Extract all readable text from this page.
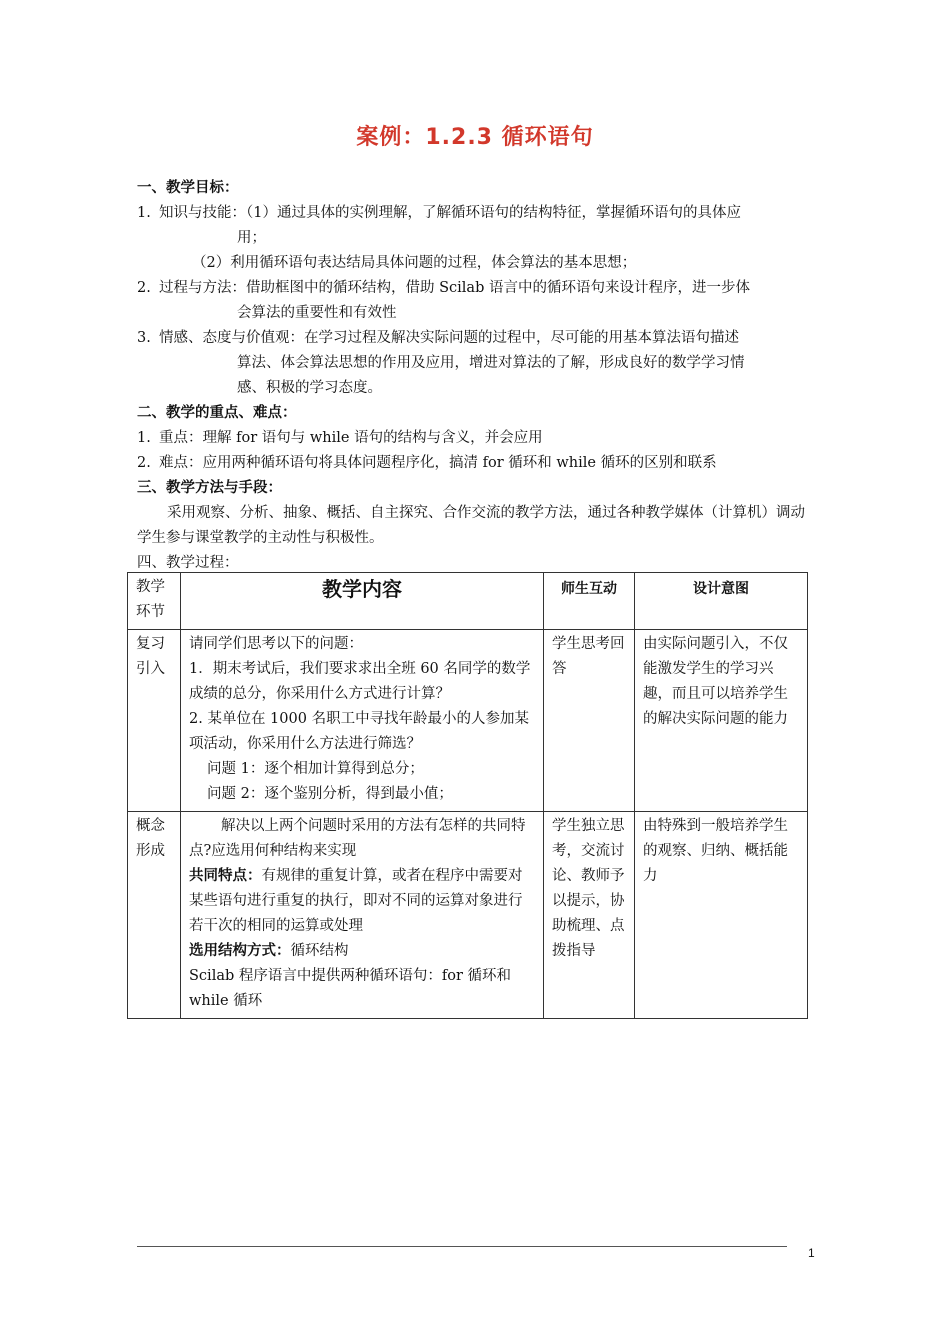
案例：1.2.3 循环语句
一、教学目标：
1. 知识与技能：（1）通过具体的实例理解，了解循环语句的结构特征，掌握循环语句的具体应
用；
（2）利用循环语句表达结局具体问题的过程，体会算法的基本思想；
2. 过程与方法：借助框图中的循环结构，借助 Scilab 语言中的循环语句来设计程序，进一步体
会算法的重要性和有效性
3. 情感、态度与价值观：在学习过程及解决实际问题的过程中，尽可能的用基本算法语句描述
算法、体会算法思想的作用及应用，增进对算法的了解，形成良好的数学学习情
感、积极的学习态度。
二、教学的重点、难点：
1. 重点：理解 for 语句与 while 语句的结构与含义，并会应用
2. 难点：应用两种循环语句将具体问题程序化，搞清 for 循环和 while 循环的区别和联系
三、教学方法与手段：
采用观察、分析、抽象、概括、自主探究、合作交流的教学方法，通过各种教学媒体（计算机）调动学生参与课堂教学的主动性与积极性。
四、教学过程：
教学环节	教学内容	师生互动	设计意图
复习引入	请同学们思考以下的问题：
1．期末考试后，我们要求求出全班 60 名同学的数学成绩的总分，你采用什么方式进行计算？
2. 某单位在 1000 名职工中寻找年龄最小的人参加某项活动，你采用什么方法进行筛选？
问题 1：逐个相加计算得到总分；
问题 2：逐个鉴别分析，得到最小值；	学生思考回答	由实际问题引入，不仅能激发学生的学习兴趣，而且可以培养学生的解决实际问题的能力
概念形成	解决以上两个问题时采用的方法有怎样的共同特点?应选用何种结构来实现
共同特点：有规律的重复计算，或者在程序中需要对某些语句进行重复的执行，即对不同的运算对象进行若干次的相同的运算或处理
选用结构方式：循环结构
Scilab 程序语言中提供两种循环语句：for 循环和 while 循环	学生独立思考，交流讨论、教师予以提示，协助梳理、点拨指导	由特殊到一般培养学生的观察、归纳、概括能力
1
